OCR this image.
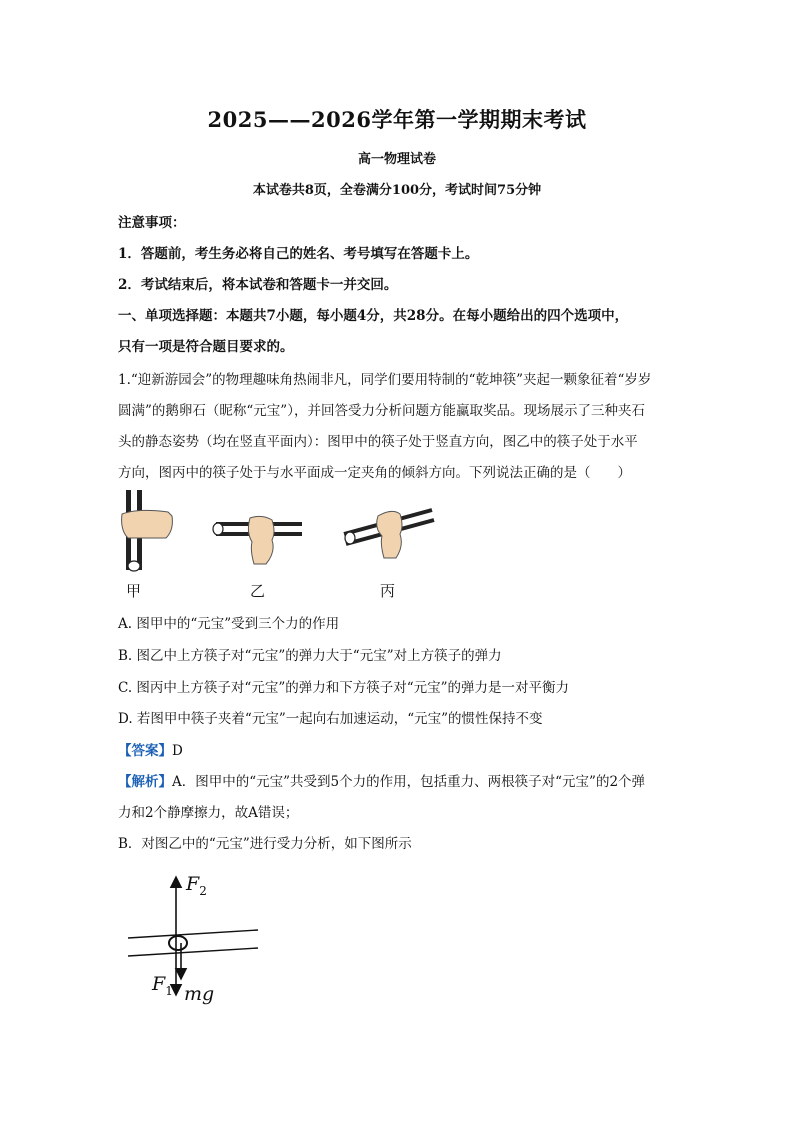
2025——2026学年第一学期期末考试
高一物理试卷
本试卷共8页，全卷满分100分，考试时间75分钟
注意事项：
1．答题前，考生务必将自己的姓名、考号填写在答题卡上。
2．考试结束后，将本试卷和答题卡一并交回。
一、单项选择题：本题共7小题，每小题4分，共28分。在每小题给出的四个选项中，
只有一项是符合题目要求的。
1.“迎新游园会”的物理趣味角热闹非凡，同学们要用特制的“乾坤筷”夹起一颗象征着“岁岁
圆满”的鹅卵石（昵称“元宝”），并回答受力分析问题方能赢取奖品。现场展示了三种夹石
头的静态姿势（均在竖直平面内）：图甲中的筷子处于竖直方向，图乙中的筷子处于水平
方向，图丙中的筷子处于与水平面成一定夹角的倾斜方向。下列说法正确的是（　　）
甲	乙	丙
A. 图甲中的“元宝”受到三个力的作用
B. 图乙中上方筷子对“元宝”的弹力大于“元宝”对上方筷子的弹力
C. 图丙中上方筷子对“元宝”的弹力和下方筷子对“元宝”的弹力是一对平衡力
D. 若图甲中筷子夹着“元宝”一起向右加速运动，“元宝”的惯性保持不变
【答案】D
【解析】A．图甲中的“元宝”共受到5个力的作用，包括重力、两根筷子对“元宝”的2个弹
力和2个静摩擦力，故A错误；
B．对图乙中的“元宝”进行受力分析，如下图所示
$F_2$
$F_1$ mg
